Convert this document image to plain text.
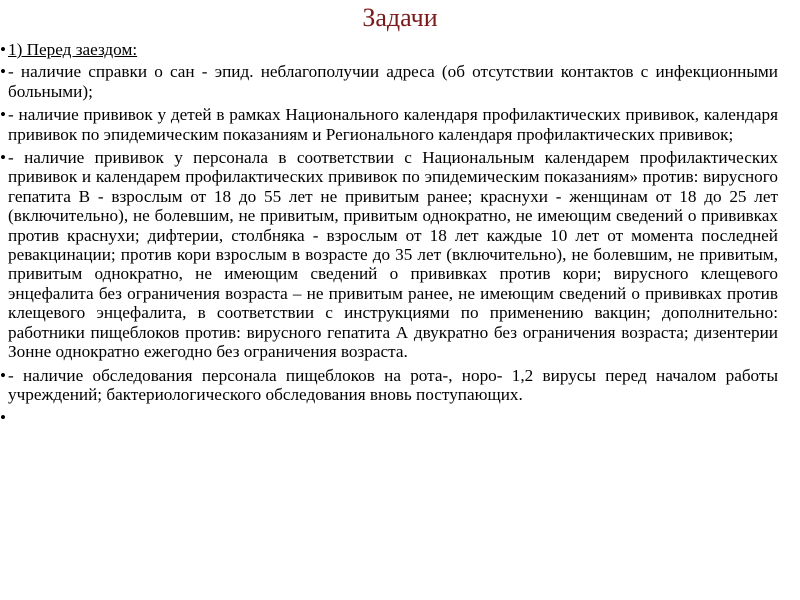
Задачи
• 1) Перед заездом:
• - наличие справки о сан - эпид. неблагополучии адреса (об отсутствии контактов с инфекционными больными);
• - наличие прививок у детей в рамках Национального календаря профилактических прививок, календаря прививок по эпидемическим показаниям и Регионального календаря профилактических прививок;
• - наличие прививок у персонала в соответствии с Национальным календарем профилактических прививок и календарем профилактических прививок по эпидемическим показаниям» против: вирусного гепатита В - взрослым от 18 до 55 лет не привитым ранее; краснухи - женщинам от 18 до 25 лет (включительно), не болевшим, не привитым, привитым однократно, не имеющим сведений о прививках против краснухи; дифтерии, столбняка - взрослым от 18 лет каждые 10 лет от момента последней ревакцинации; против кори взрослым в возрасте до 35 лет (включительно), не болевшим, не привитым, привитым однократно, не имеющим сведений о прививках против кори; вирусного клещевого энцефалита без ограничения возраста – не привитым ранее, не имеющим сведений о прививках против клещевого энцефалита, в соответствии с инструкциями по применению вакцин; дополнительно: работники пищеблоков против: вирусного гепатита А двукратно без ограничения возраста; дизентерии Зонне однократно ежегодно без ограничения возраста.
• - наличие обследования персонала пищеблоков на рота-, норо- 1,2 вирусы перед началом работы учреждений; бактериологического обследования вновь поступающих.
•
